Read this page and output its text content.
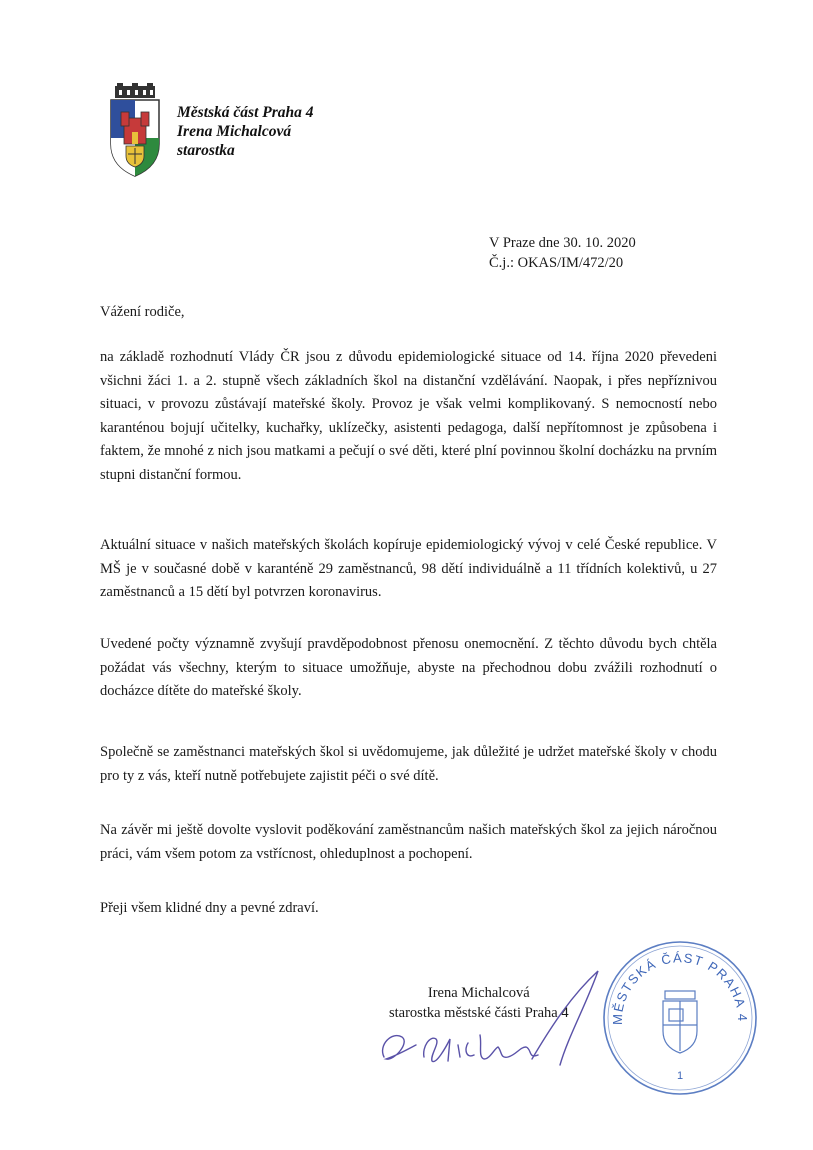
Městská část Praha 4
Irena Michalcová
starostka
V Praze dne 30. 10. 2020
Č.j.: OKAS/IM/472/20
Vážení rodiče,

na základě rozhodnutí Vlády ČR jsou z důvodu epidemiologické situace od 14. října 2020 převedeni všichni žáci 1. a 2. stupně všech základních škol na distanční vzdělávání. Naopak, i přes nepříznivou situaci, v provozu zůstávají mateřské školy. Provoz je však velmi komplikovaný. S nemocností nebo karanténou bojují učitelky, kuchařky, uklízečky, asistenti pedagoga, další nepřítomnost je způsobena i faktem, že mnohé z nich jsou matkami a pečují o své děti, které plní povinnou školní docházku na prvním stupni distanční formou.

Aktuální situace v našich mateřských školách kopíruje epidemiologický vývoj v celé České republice. V MŠ je v současné době v karanténě 29 zaměstnanců, 98 dětí individuálně a 11 třídních kolektivů, u 27 zaměstnanců a 15 dětí byl potvrzen koronavirus.

Uvedené počty významně zvyšují pravděpodobnost přenosu onemocnění. Z těchto důvodu bych chtěla požádat vás všechny, kterým to situace umožňuje, abyste na přechodnou dobu zvážili rozhodnutí o docházce dítěte do mateřské školy.

Společně se zaměstnanci mateřských škol si uvědomujeme, jak důležité je udržet mateřské školy v chodu pro ty z vás, kteří nutně potřebujete zajistit péči o své dítě.

Na závěr mi ještě dovolte vyslovit poděkování zaměstnancům našich mateřských škol za jejich náročnou práci, vám všem potom za vstřícnost, ohleduplnost a pochopení.

Přeji všem klidné dny a pevné zdraví.

Irena Michalcová
starostka městské části Praha 4	MĚSTSKÁ ČÁST PRAHA 4
1
